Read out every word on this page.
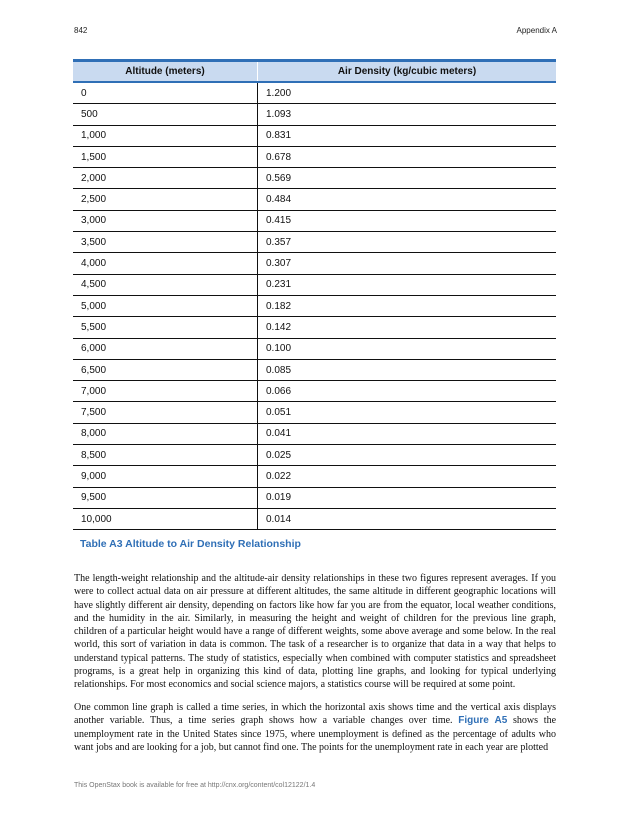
842	Appendix A
Altitude (meters)	Air Density (kg/cubic meters)
0	1.200
500	1.093
1,000	0.831
1,500	0.678
2,000	0.569
2,500	0.484
3,000	0.415
3,500	0.357
4,000	0.307
4,500	0.231
5,000	0.182
5,500	0.142
6,000	0.100
6,500	0.085
7,000	0.066
7,500	0.051
8,000	0.041
8,500	0.025
9,000	0.022
9,500	0.019
10,000	0.014
Table A3 Altitude to Air Density Relationship

The length-weight relationship and the altitude-air density relationships in these two figures represent averages. If you were to collect actual data on air pressure at different altitudes, the same altitude in different geographic locations will have slightly different air density, depending on factors like how far you are from the equator, local weather conditions, and the humidity in the air. Similarly, in measuring the height and weight of children for the previous line graph, children of a particular height would have a range of different weights, some above average and some below. In the real world, this sort of variation in data is common. The task of a researcher is to organize that data in a way that helps to understand typical patterns. The study of statistics, especially when combined with computer statistics and spreadsheet programs, is a great help in organizing this kind of data, plotting line graphs, and looking for typical underlying relationships. For most economics and social science majors, a statistics course will be required at some point.

One common line graph is called a time series, in which the horizontal axis shows time and the vertical axis displays another variable. Thus, a time series graph shows how a variable changes over time. Figure A5 shows the unemployment rate in the United States since 1975, where unemployment is defined as the percentage of adults who want jobs and are looking for a job, but cannot find one. The points for the unemployment rate in each year are plotted

This OpenStax book is available for free at http://cnx.org/content/col12122/1.4
